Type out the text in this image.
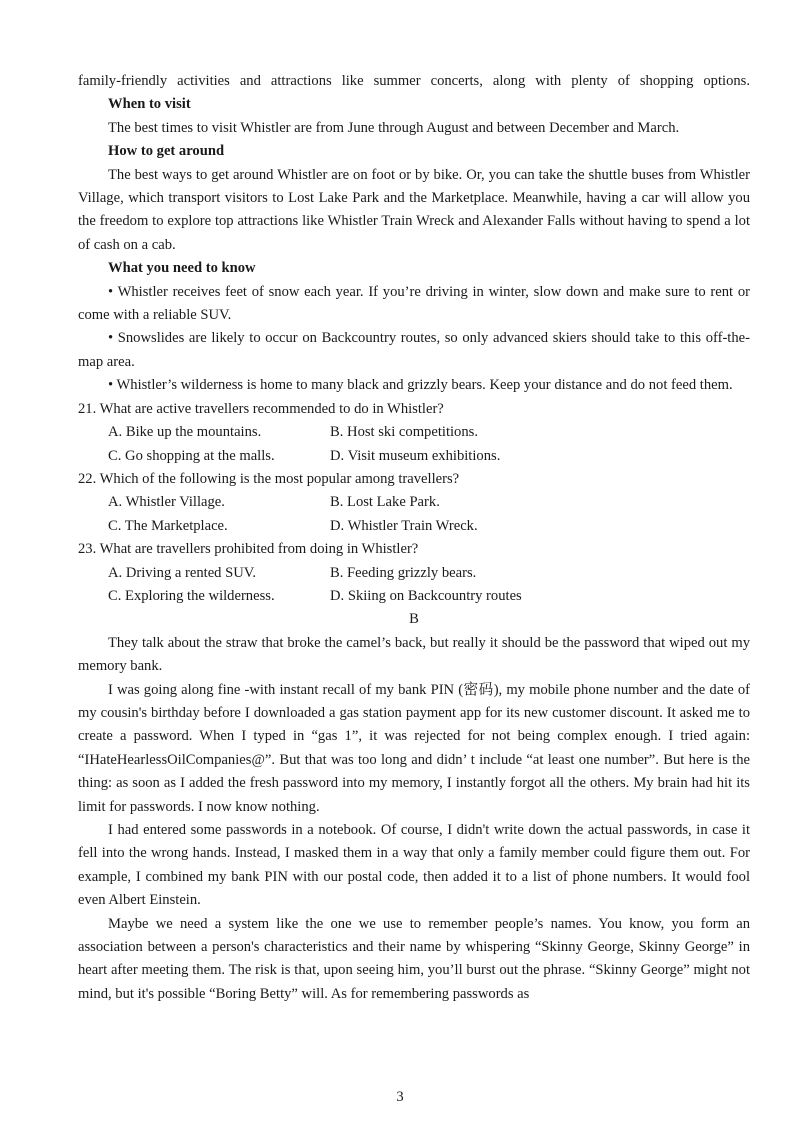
family-friendly activities and attractions like summer concerts, along with plenty of shopping options.

When to visit

The best times to visit Whistler are from June through August and between December and March.

How to get around

The best ways to get around Whistler are on foot or by bike. Or, you can take the shuttle buses from Whistler Village, which transport visitors to Lost Lake Park and the Marketplace. Meanwhile, having a car will allow you the freedom to explore top attractions like Whistler Train Wreck and Alexander Falls without having to spend a lot of cash on a cab.

What you need to know

• Whistler receives feet of snow each year. If you’re driving in winter, slow down and make sure to rent or come with a reliable SUV.

• Snowslides are likely to occur on Backcountry routes, so only advanced skiers should take to this off-the-map area.

• Whistler’s wilderness is home to many black and grizzly bears. Keep your distance and do not feed them.

21. What are active travellers recommended to do in Whistler?

A. Bike up the mountains.	B. Host ski competitions.
C. Go shopping at the malls.	D. Visit museum exhibitions.

22. Which of the following is the most popular among travellers?

A. Whistler Village.	B. Lost Lake Park.
C. The Marketplace.	D. Whistler Train Wreck.

23. What are travellers prohibited from doing in Whistler?

A. Driving a rented SUV.	B. Feeding grizzly bears.
C. Exploring the wilderness.	D. Skiing on Backcountry routes

B

They talk about the straw that broke the camel’s back, but really it should be the password that wiped out my memory bank.

I was going along fine -with instant recall of my bank PIN (密码), my mobile phone number and the date of my cousin's birthday before I downloaded a gas station payment app for its new customer discount. It asked me to create a password. When I typed in “gas 1”, it was rejected for not being complex enough. I tried again: “IHateHearlessOilCompanies@”. But that was too long and didn’ t include “at least one number”. But here is the thing: as soon as I added the fresh password into my memory, I instantly forgot all the others. My brain had hit its limit for passwords. I now know nothing.

I had entered some passwords in a notebook. Of course, I didn't write down the actual passwords, in case it fell into the wrong hands. Instead, I masked them in a way that only a family member could figure them out. For example, I combined my bank PIN with our postal code, then added it to a list of phone numbers. It would fool even Albert Einstein.

Maybe we need a system like the one we use to remember people’s names. You know, you form an association between a person's characteristics and their name by whispering “Skinny George, Skinny George” in heart after meeting them. The risk is that, upon seeing him, you’ll burst out the phrase. “Skinny George” might not mind, but it's possible “Boring Betty” will. As for remembering passwords as

3
